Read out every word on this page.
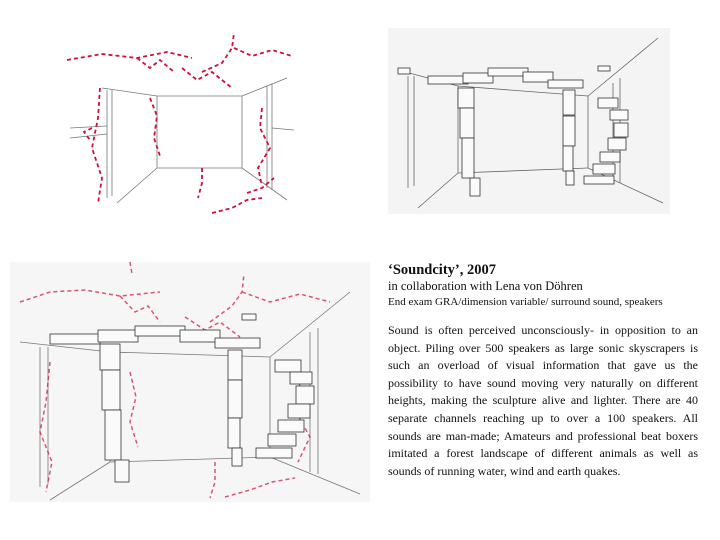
‘Soundcity’, 2007

in collaboration with Lena von Döhren
End exam GRA/dimension variable/ surround sound, speakers
Sound is often perceived unconsciously- in opposition to an object. Piling over 500 speakers as large sonic skyscrapers is such an overload of visual information that gave us the possibility to have sound moving very naturally on different heights, making the sculpture alive and lighter. There are 40 separate channels reaching up to over a 100 speakers. All sounds are man-made; Amateurs and professional beat boxers imitated a forest landscape of different animals as well as sounds of running water, wind and earth quakes.
